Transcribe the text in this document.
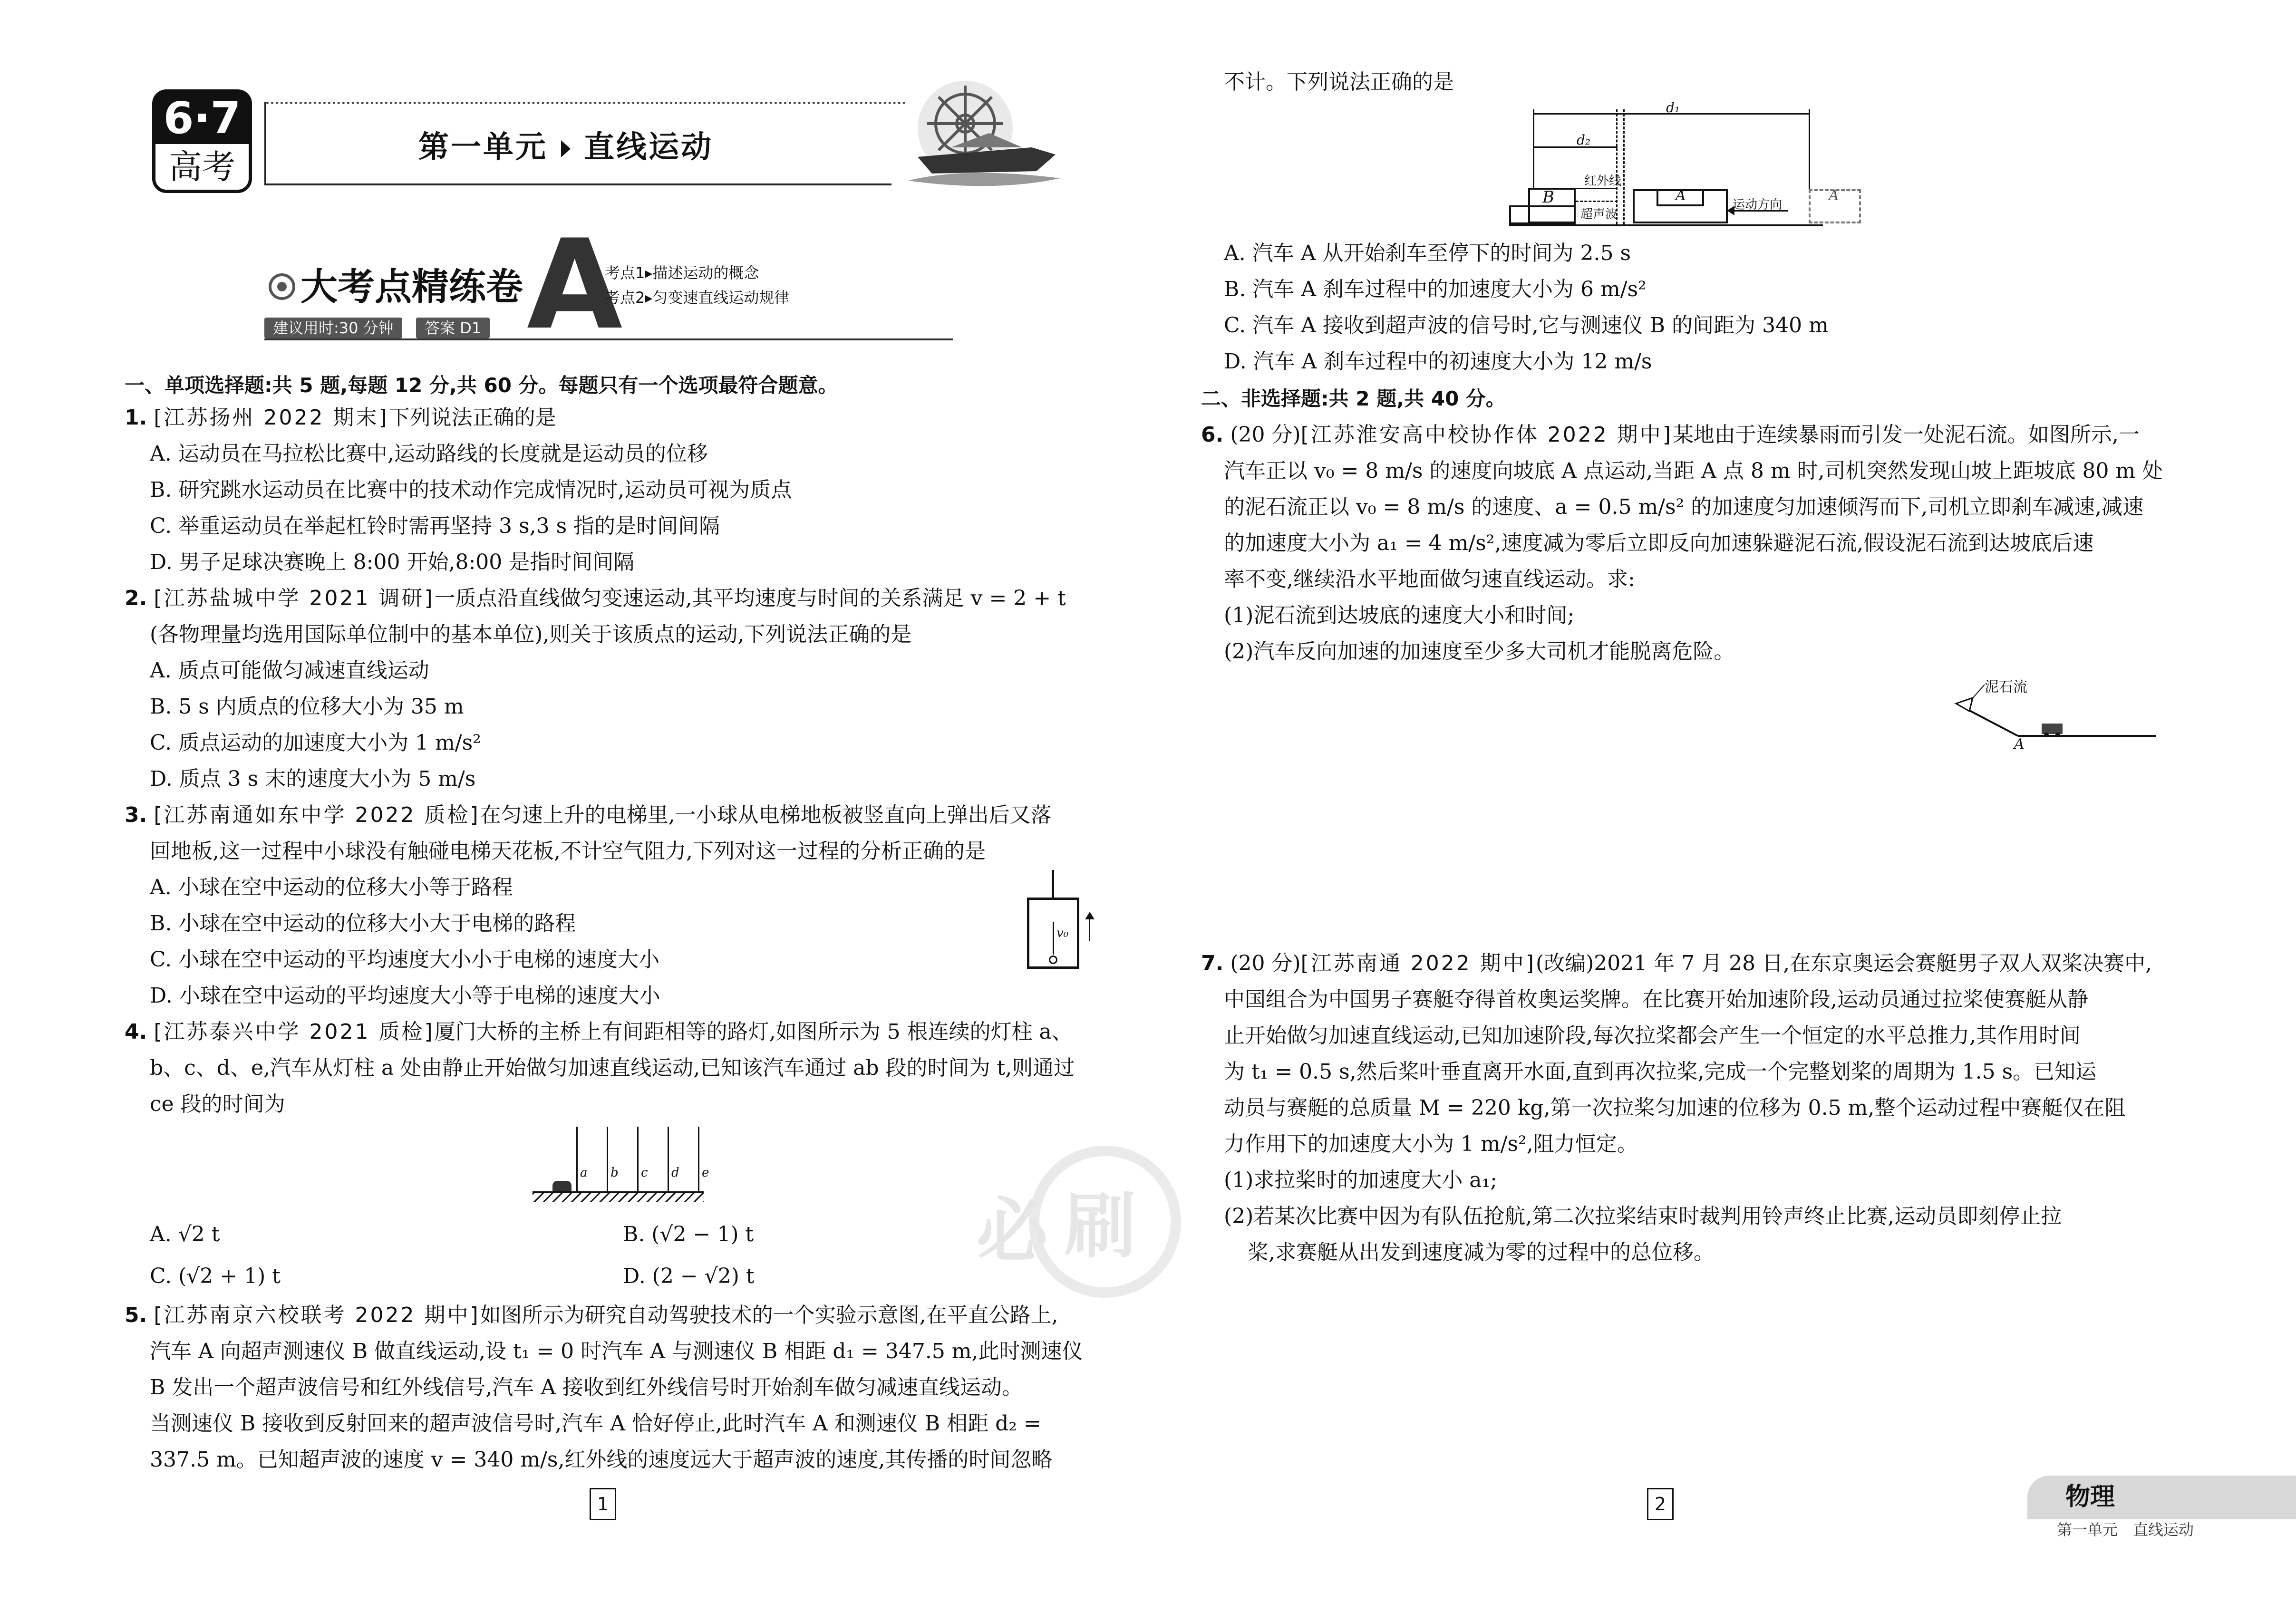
6·7
高考	第一单元 直线运动
大考点精练卷 A
建议用时:30 分钟	答案 D1
考点1▸描述运动的概念
考点2▸匀变速直线运动规律
一、单项选择题:共 5 题,每题 12 分,共 60 分。每题只有一个选项最符合题意。
1. [江苏扬州 2022 期末]下列说法正确的是
A. 运动员在马拉松比赛中,运动路线的长度就是运动员的位移
B. 研究跳水运动员在比赛中的技术动作完成情况时,运动员可视为质点
C. 举重运动员在举起杠铃时需再坚持 3 s,3 s 指的是时间间隔
D. 男子足球决赛晚上 8:00 开始,8:00 是指时间间隔
2. [江苏盐城中学 2021 调研]一质点沿直线做匀变速运动,其平均速度与时间的关系满足 v = 2 + t
(各物理量均选用国际单位制中的基本单位),则关于该质点的运动,下列说法正确的是
A. 质点可能做匀减速直线运动
B. 5 s 内质点的位移大小为 35 m
C. 质点运动的加速度大小为 1 m/s²
D. 质点 3 s 末的速度大小为 5 m/s
3. [江苏南通如东中学 2022 质检]在匀速上升的电梯里,一小球从电梯地板被竖直向上弹出后又落
回地板,这一过程中小球没有触碰电梯天花板,不计空气阻力,下列对这一过程的分析正确的是
A. 小球在空中运动的位移大小等于路程
B. 小球在空中运动的位移大小大于电梯的路程
C. 小球在空中运动的平均速度大小小于电梯的速度大小
D. 小球在空中运动的平均速度大小等于电梯的速度大小
v₀
4. [江苏泰兴中学 2021 质检]厦门大桥的主桥上有间距相等的路灯,如图所示为 5 根连续的灯柱 a、
b、c、d、e,汽车从灯柱 a 处由静止开始做匀加速直线运动,已知该汽车通过 ab 段的时间为 t,则通过
ce 段的时间为
a b c d e
A. √2 t	B. (√2 − 1) t
C. (√2 + 1) t	D. (2 − √2) t
5. [江苏南京六校联考 2022 期中]如图所示为研究自动驾驶技术的一个实验示意图,在平直公路上,
汽车 A 向超声测速仪 B 做直线运动,设 t₁ = 0 时汽车 A 与测速仪 B 相距 d₁ = 347.5 m,此时测速仪
B 发出一个超声波信号和红外线信号,汽车 A 接收到红外线信号时开始刹车做匀减速直线运动。
当测速仪 B 接收到反射回来的超声波信号时,汽车 A 恰好停止,此时汽车 A 和测速仪 B 相距 d₂ =
337.5 m。已知超声波的速度 v = 340 m/s,红外线的速度远大于超声波的速度,其传播的时间忽略
1
不计。下列说法正确的是
B
红外线
超声波
d₁
d₂
A
运动方向
A
A. 汽车 A 从开始刹车至停下的时间为 2.5 s
B. 汽车 A 刹车过程中的加速度大小为 6 m/s²
C. 汽车 A 接收到超声波的信号时,它与测速仪 B 的间距为 340 m
D. 汽车 A 刹车过程中的初速度大小为 12 m/s
二、非选择题:共 2 题,共 40 分。
6. (20 分)[江苏淮安高中校协作体 2022 期中]某地由于连续暴雨而引发一处泥石流。如图所示,一
汽车正以 v₀ = 8 m/s 的速度向坡底 A 点运动,当距 A 点 8 m 时,司机突然发现山坡上距坡底 80 m 处
的泥石流正以 v₀ = 8 m/s 的速度、a = 0.5 m/s² 的加速度匀加速倾泻而下,司机立即刹车减速,减速
的加速度大小为 a₁ = 4 m/s²,速度减为零后立即反向加速躲避泥石流,假设泥石流到达坡底后速
率不变,继续沿水平地面做匀速直线运动。求:
(1)泥石流到达坡底的速度大小和时间;
(2)汽车反向加速的加速度至少多大司机才能脱离危险。
泥石流
A
7. (20 分)[江苏南通 2022 期中](改编)2021 年 7 月 28 日,在东京奥运会赛艇男子双人双桨决赛中,
中国组合为中国男子赛艇夺得首枚奥运奖牌。在比赛开始加速阶段,运动员通过拉桨使赛艇从静
止开始做匀加速直线运动,已知加速阶段,每次拉桨都会产生一个恒定的水平总推力,其作用时间
为 t₁ = 0.5 s,然后桨叶垂直离开水面,直到再次拉桨,完成一个完整划桨的周期为 1.5 s。已知运
动员与赛艇的总质量 M = 220 kg,第一次拉桨匀加速的位移为 0.5 m,整个运动过程中赛艇仅在阻
力作用下的加速度大小为 1 m/s²,阻力恒定。
(1)求拉桨时的加速度大小 a₁;
(2)若某次比赛中因为有队伍抢航,第二次拉桨结束时裁判用铃声终止比赛,运动员即刻停止拉
桨,求赛艇从出发到速度减为零的过程中的总位移。
必 刷
2	物理
第一单元　直线运动
